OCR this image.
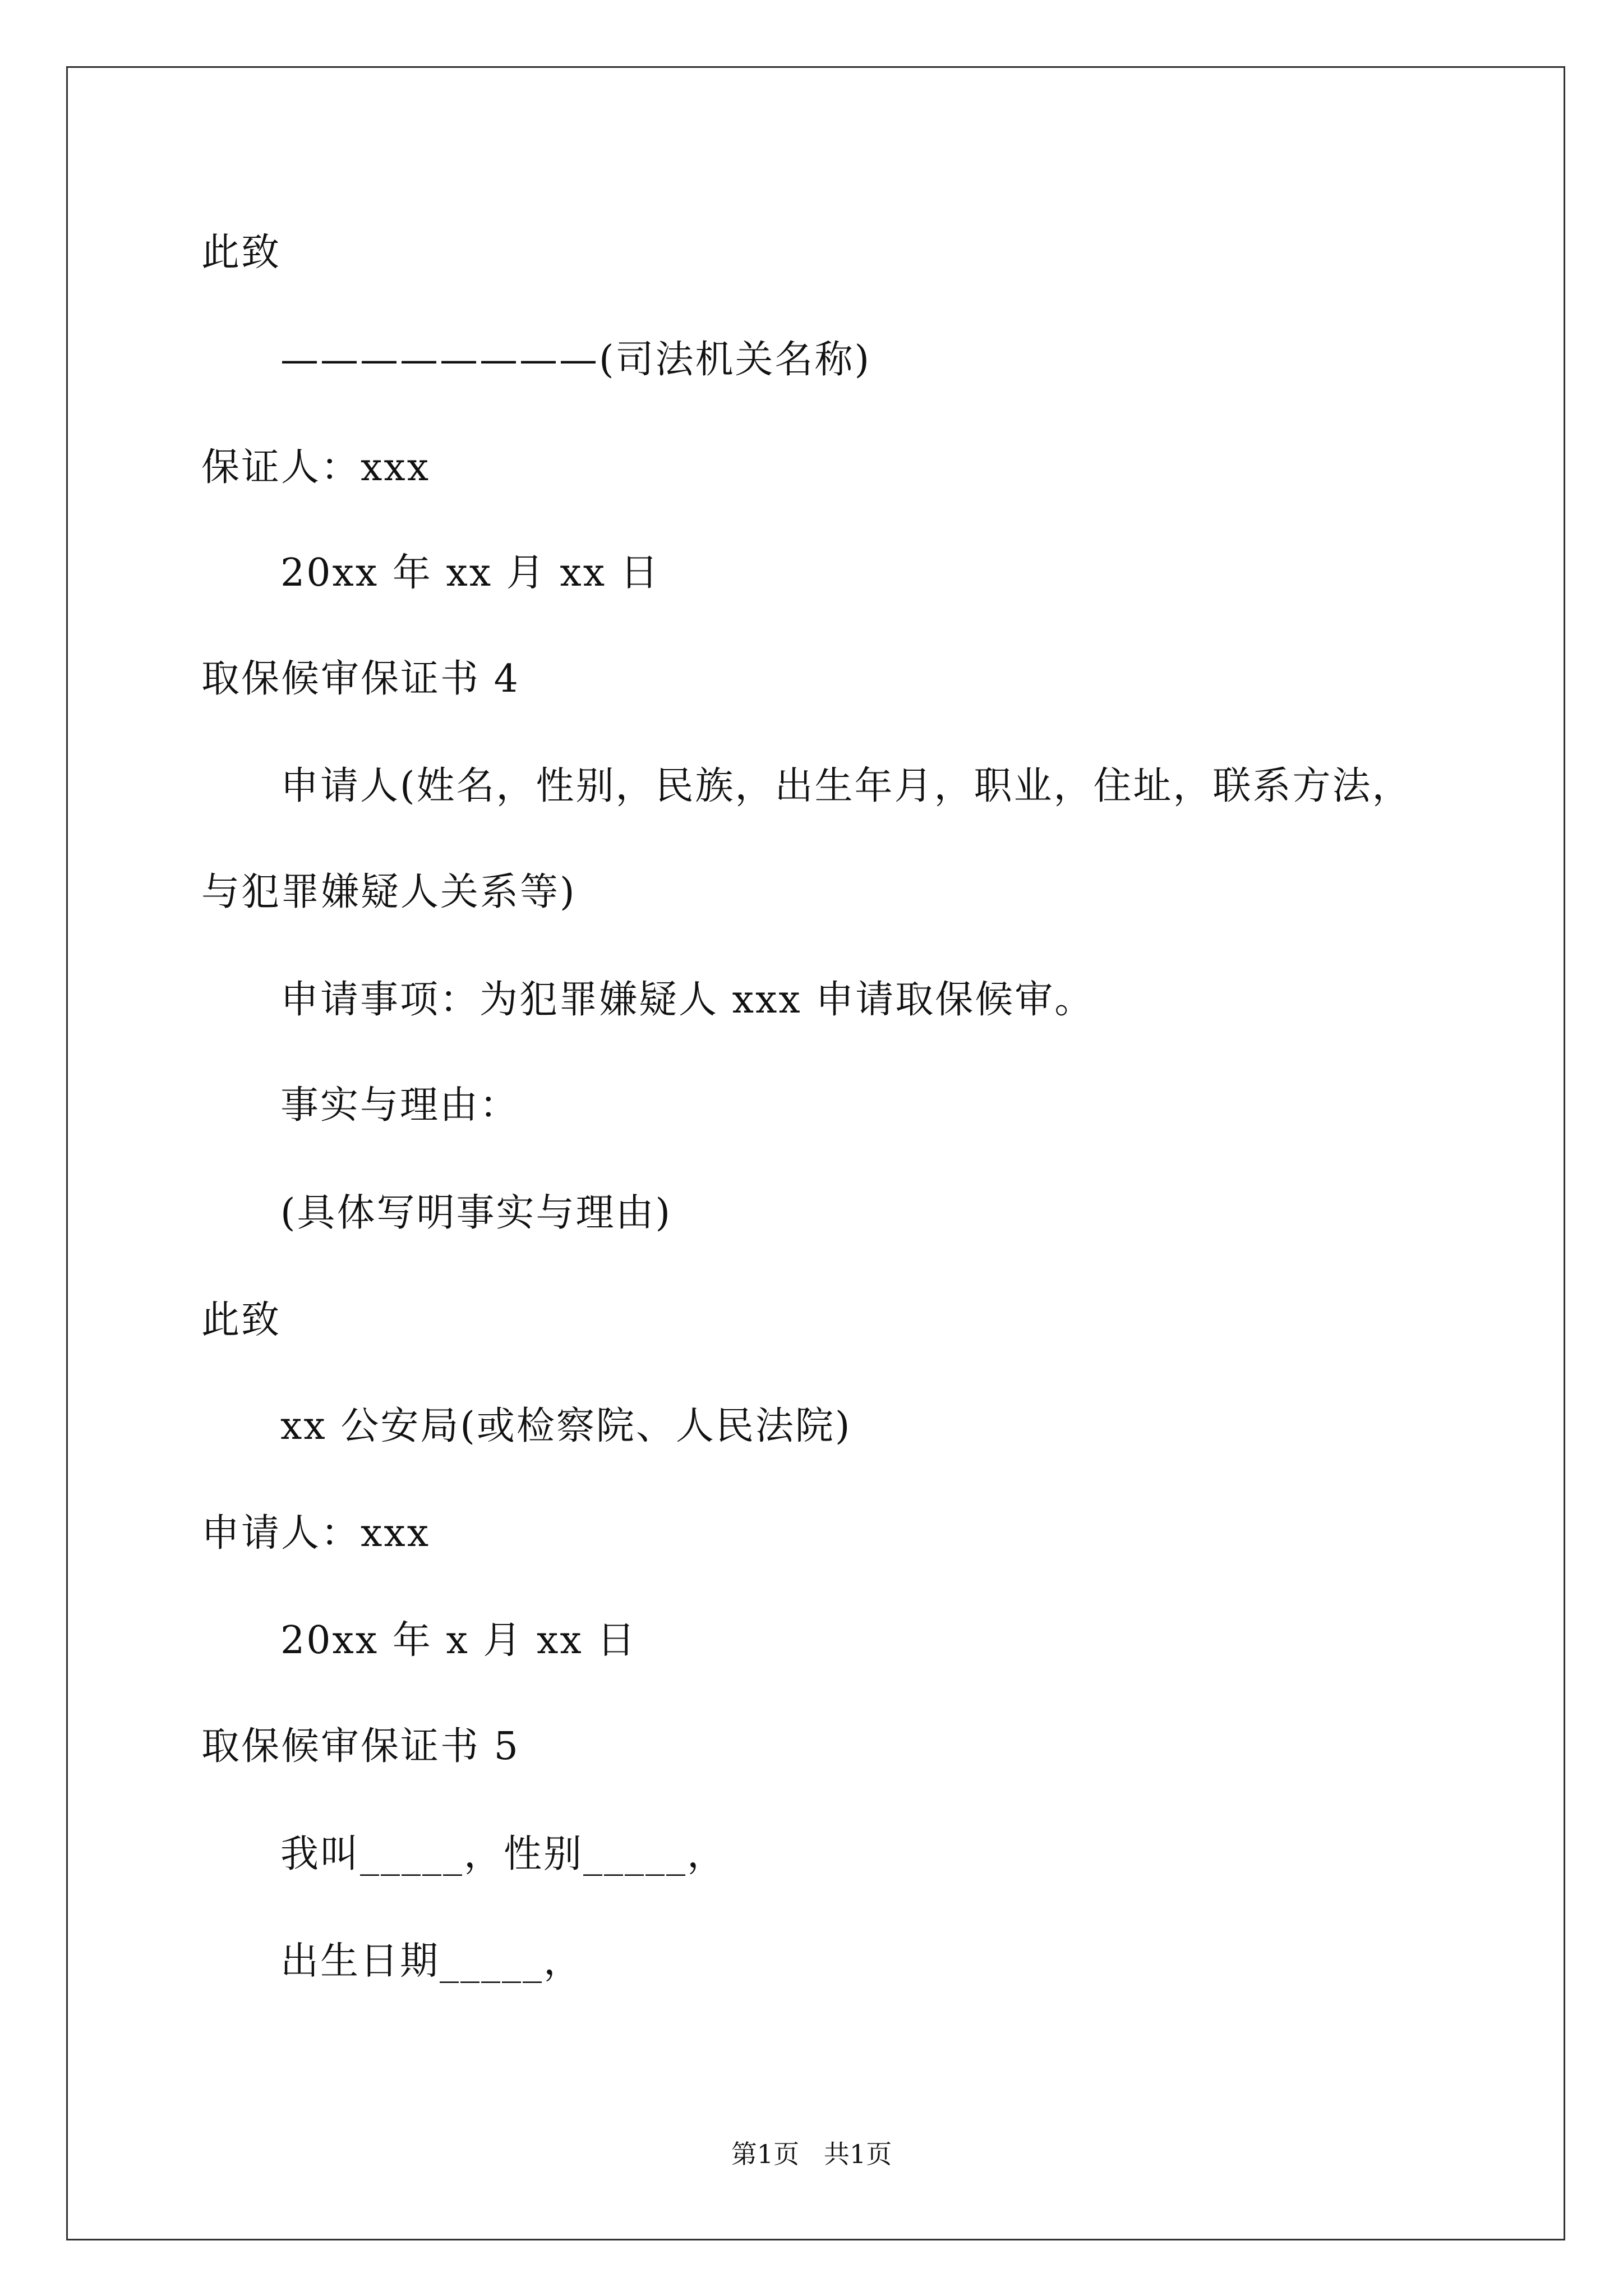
此致
————————(司法机关名称)
保证人：xxx
20xx 年 xx 月 xx 日
取保候审保证书 4
申请人(姓名，性别，民族，出生年月，职业，住址，联系方法，
与犯罪嫌疑人关系等)
申请事项：为犯罪嫌疑人 xxx 申请取保候审。
事实与理由：
(具体写明事实与理由)
此致
xx 公安局(或检察院、人民法院)
申请人：xxx
20xx 年 x 月 xx 日
取保候审保证书 5
我叫_____，性别_____，
出生日期_____，
第1页   共1页
